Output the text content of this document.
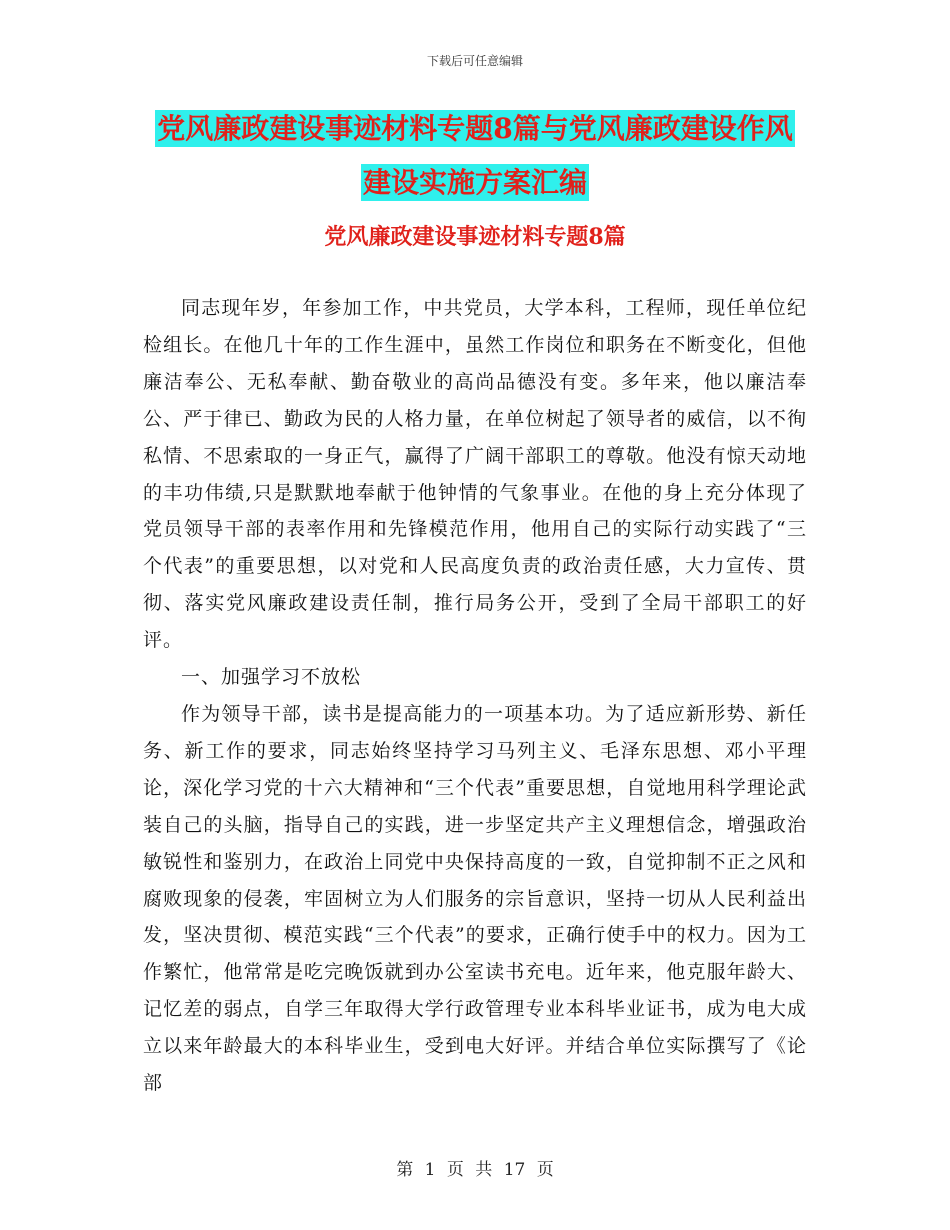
下载后可任意编辑
党风廉政建设事迹材料专题8篇与党风廉政建设作风
建设实施方案汇编
党风廉政建设事迹材料专题8篇

同志现年岁，年参加工作，中共党员，大学本科，工程师，现任单位纪检组长。在他几十年的工作生涯中，虽然工作岗位和职务在不断变化，但他廉洁奉公、无私奉献、勤奋敬业的高尚品德没有变。多年来，他以廉洁奉公、严于律已、勤政为民的人格力量，在单位树起了领导者的威信，以不徇私情、不思索取的一身正气，赢得了广阔干部职工的尊敬。他没有惊天动地的丰功伟绩,只是默默地奉献于他钟情的气象事业。在他的身上充分体现了党员领导干部的表率作用和先锋模范作用，他用自己的实际行动实践了“三个代表”的重要思想，以对党和人民高度负责的政治责任感，大力宣传、贯彻、落实党风廉政建设责任制，推行局务公开，受到了全局干部职工的好评。

一、加强学习不放松

作为领导干部，读书是提高能力的一项基本功。为了适应新形势、新任务、新工作的要求，同志始终坚持学习马列主义、毛泽东思想、邓小平理论，深化学习党的十六大精神和“三个代表”重要思想，自觉地用科学理论武装自己的头脑，指导自己的实践，进一步坚定共产主义理想信念，增强政治敏锐性和鉴别力，在政治上同党中央保持高度的一致，自觉抑制不正之风和腐败现象的侵袭，牢固树立为人们服务的宗旨意识，坚持一切从人民利益出发，坚决贯彻、模范实践“三个代表”的要求，正确行使手中的权力。因为工作繁忙，他常常是吃完晚饭就到办公室读书充电。近年来，他克服年龄大、记忆差的弱点，自学三年取得大学行政管理专业本科毕业证书，成为电大成立以来年龄最大的本科毕业生，受到电大好评。并结合单位实际撰写了《论部

第 1 页 共 17 页
